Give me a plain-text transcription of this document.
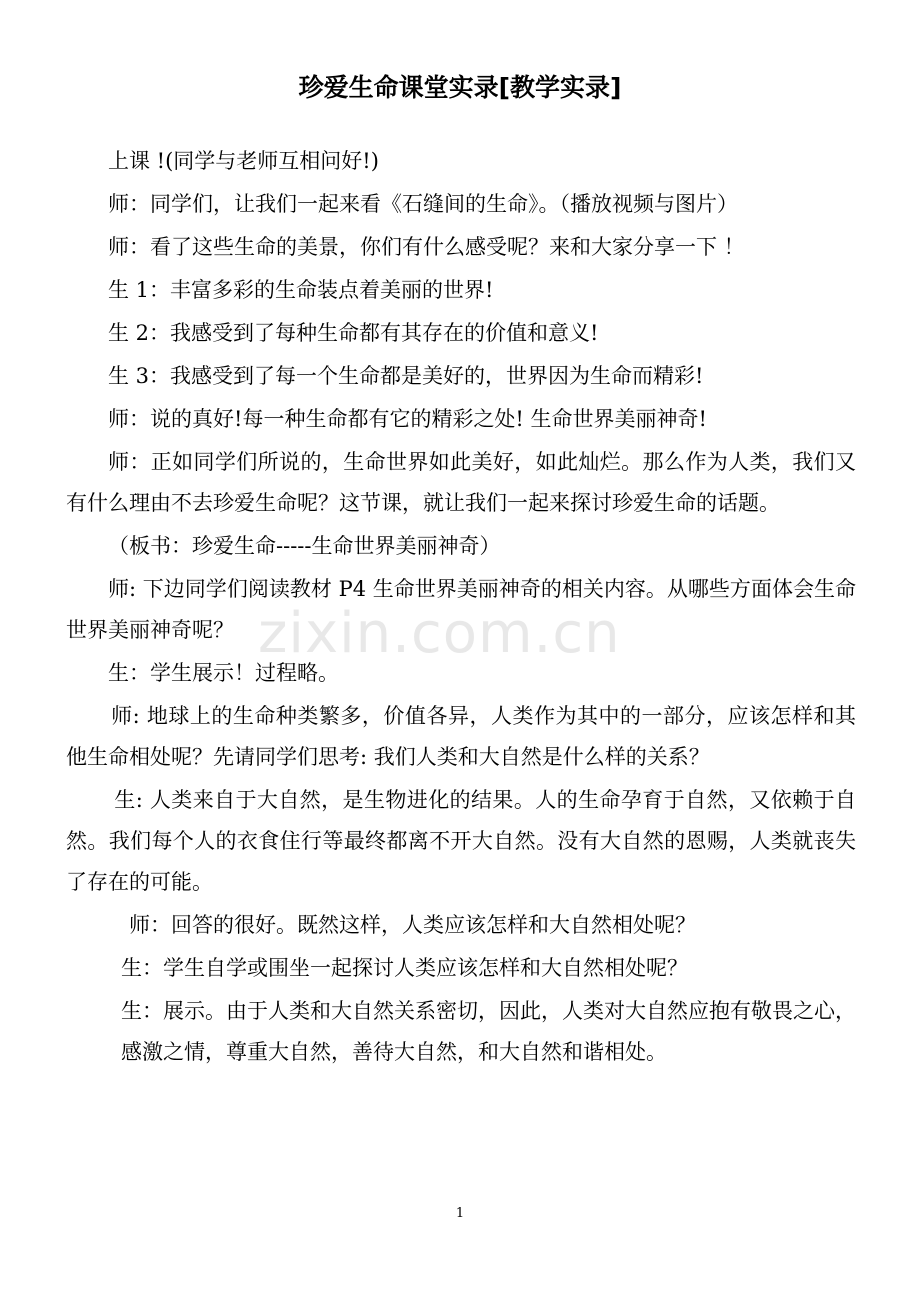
珍爱生命课堂实录[教学实录]

上课 !(同学与老师互相问好!)

师：同学们，让我们一起来看《石缝间的生命》。（播放视频与图片）

师：看了这些生命的美景，你们有什么感受呢？来和大家分享一下 ！

生 1：丰富多彩的生命装点着美丽的世界!

生 2：我感受到了每种生命都有其存在的价值和意义!

生 3：我感受到了每一个生命都是美好的，世界因为生命而精彩!

师：说的真好!每一种生命都有它的精彩之处! 生命世界美丽神奇!

师：正如同学们所说的，生命世界如此美好，如此灿烂。那么作为人类，我们又有什么理由不去珍爱生命呢？这节课，就让我们一起来探讨珍爱生命的话题。

（板书：珍爱生命-----生命世界美丽神奇）

师: 下边同学们阅读教材 P4 生命世界美丽神奇的相关内容。从哪些方面体会生命世界美丽神奇呢？

生：学生展示！过程略。

师: 地球上的生命种类繁多，价值各异，人类作为其中的一部分，应该怎样和其他生命相处呢？先请同学们思考: 我们人类和大自然是什么样的关系？

生: 人类来自于大自然，是生物进化的结果。人的生命孕育于自然，又依赖于自然。我们每个人的衣食住行等最终都离不开大自然。没有大自然的恩赐，人类就丧失了存在的可能。

师：回答的很好。既然这样，人类应该怎样和大自然相处呢？

生：学生自学或围坐一起探讨人类应该怎样和大自然相处呢？

生：展示。由于人类和大自然关系密切，因此，人类对大自然应抱有敬畏之心，感激之情，尊重大自然，善待大自然，和大自然和谐相处。

zixin.com.cn
1
